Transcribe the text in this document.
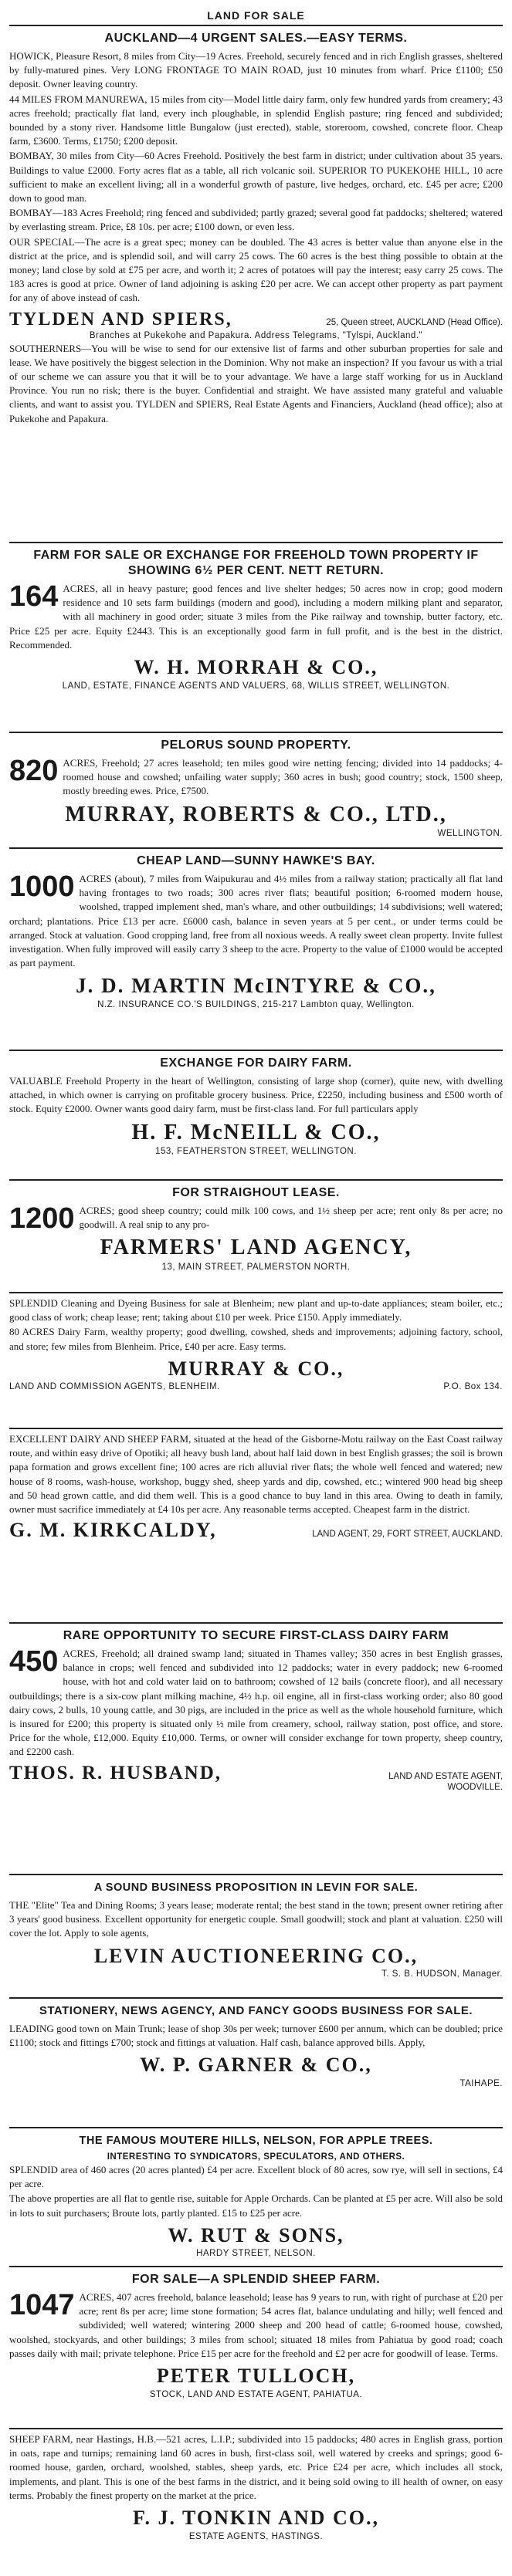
LAND FOR SALE
AUCKLAND—4 URGENT SALES.—EASY TERMS.

HOWICK, Pleasure Resort, 8 miles from City—19 Acres. Freehold, securely fenced and in rich English grasses, sheltered by fully-matured pines. Very LONG FRONTAGE TO MAIN ROAD, just 10 minutes from wharf. Price £1100; £50 deposit. Owner leaving country.

44 MILES FROM MANUREWA, 15 miles from city—Model little dairy farm, only few hundred yards from creamery; 43 acres freehold; practically flat land, every inch ploughable, in splendid English pasture; ring fenced and subdivided; bounded by a stony river. Handsome little Bungalow (just erected), stable, storeroom, cowshed, concrete floor. Cheap farm, £3600. Terms, £1750; £200 deposit.

BOMBAY, 30 miles from City—60 Acres Freehold. Positively the best farm in district; under cultivation about 35 years. Buildings to value £2000. Forty acres flat as a table, all rich volcanic soil. SUPERIOR TO PUKEKOHE HILL, 10 acre sufficient to make an excellent living; all in a wonderful growth of pasture, live hedges, orchard, etc. £45 per acre; £200 down to good man.

BOMBAY—183 Acres Freehold; ring fenced and subdivided; partly grazed; several good fat paddocks; sheltered; watered by everlasting stream. Price, £8 10s. per acre; £100 down, or even less.

OUR SPECIAL—The acre is a great spec; money can be doubled. The 43 acres is better value than anyone else in the district at the price, and is splendid soil, and will carry 25 cows. The 60 acres is the best thing possible to obtain at the money; land close by sold at £75 per acre, and worth it; 2 acres of potatoes will pay the interest; easy carry 25 cows. The 183 acres is good at price. Owner of land adjoining is asking £20 per acre. We can accept other property as part payment for any of above instead of cash.

TYLDEN AND SPIERS,	25, Queen street, AUCKLAND (Head Office).
Branches at Pukekohe and Papakura. Address Telegrams, "Tylspi, Auckland."

SOUTHERNERS—You will be wise to send for our extensive list of farms and other suburban properties for sale and lease. We have positively the biggest selection in the Dominion. Why not make an inspection? If you favour us with a trial of our scheme we can assure you that it will be to your advantage. We have a large staff working for us in Auckland Province. You run no risk; there is the buyer. Confidential and straight. We have assisted many grateful and valuable clients, and want to assist you. TYLDEN and SPIERS, Real Estate Agents and Financiers, Auckland (head office); also at Pukekohe and Papakura.

FARM FOR SALE OR EXCHANGE FOR FREEHOLD TOWN PROPERTY IF SHOWING 6½ PER CENT. NETT RETURN.

164 ACRES, all in heavy pasture; good fences and live shelter hedges; 50 acres now in crop; good modern residence and 10 sets farm buildings (modern and good), including a modern milking plant and separator, with all machinery in good order; situate 3 miles from the Pike railway and township, butter factory, etc. Price £25 per acre. Equity £2443. This is an exceptionally good farm in full profit, and is the best in the district. Recommended.

W. H. MORRAH & CO.,
LAND, ESTATE, FINANCE AGENTS AND VALUERS, 68, WILLIS STREET, WELLINGTON.
PELORUS SOUND PROPERTY.

820 ACRES, Freehold; 27 acres leasehold; ten miles good wire netting fencing; divided into 14 paddocks; 4-roomed house and cowshed; unfailing water supply; 360 acres in bush; good country; stock, 1500 sheep, mostly breeding ewes. Price, £7500.

MURRAY, ROBERTS & CO., LTD.,
WELLINGTON.
CHEAP LAND—SUNNY HAWKE'S BAY.

1000 ACRES (about), 7 miles from Waipukurau and 4½ miles from a railway station; practically all flat land having frontages to two roads; 300 acres river flats; beautiful position; 6-roomed modern house, woolshed, trapped implement shed, man's whare, and other outbuildings; 14 subdivisions; well watered; orchard; plantations. Price £13 per acre. £6000 cash, balance in seven years at 5 per cent., or under terms could be arranged. Stock at valuation. Good cropping land, free from all noxious weeds. A really sweet clean property. Invite fullest investigation. When fully improved will easily carry 3 sheep to the acre. Property to the value of £1000 would be accepted as part payment.

J. D. MARTIN McINTYRE & CO.,
N.Z. INSURANCE CO.'S BUILDINGS, 215-217 Lambton quay, Wellington.
EXCHANGE FOR DAIRY FARM.

VALUABLE Freehold Property in the heart of Wellington, consisting of large shop (corner), quite new, with dwelling attached, in which owner is carrying on profitable grocery business. Price, £2250, including business and £500 worth of stock. Equity £2000. Owner wants good dairy farm, must be first-class land. For full particulars apply

H. F. McNEILL & CO.,
153, FEATHERSTON STREET, WELLINGTON.
FOR STRAIGHOUT LEASE.

1200 ACRES; good sheep country; could milk 100 cows, and 1½ sheep per acre; rent only 8s per acre; no goodwill. A real snip to any pro-

FARMERS' LAND AGENCY,
13, MAIN STREET, PALMERSTON NORTH.

SPLENDID Cleaning and Dyeing Business for sale at Blenheim; new plant and up-to-date appliances; steam boiler, etc.; good class of work; cheap lease; rent; taking about £10 per week. Price £150. Apply immediately.

80 ACRES Dairy Farm, wealthy property; good dwelling, cowshed, sheds and improvements; adjoining factory, school, and store; few miles from Blenheim. Price, £40 per acre. Easy terms.

MURRAY & CO.,
LAND AND COMMISSION AGENTS, BLENHEIM.	P.O. Box 134.

EXCELLENT DAIRY AND SHEEP FARM, situated at the head of the Gisborne-Motu railway on the East Coast railway route, and within easy drive of Opotiki; all heavy bush land, about half laid down in best English grasses; the soil is brown papa formation and grows excellent fine; 100 acres are rich alluvial river flats; the whole well fenced and watered; new house of 8 rooms, wash-house, workshop, buggy shed, sheep yards and dip, cowshed, etc.; wintered 900 head big sheep and 50 head grown cattle, and did them well. This is a good chance to buy land in this area. Owing to death in family, owner must sacrifice immediately at £4 10s per acre. Any reasonable terms accepted. Cheapest farm in the district.

G. M. KIRKCALDY,	LAND AGENT, 29, FORT STREET, AUCKLAND.
RARE OPPORTUNITY TO SECURE FIRST-CLASS DAIRY FARM

450 ACRES, Freehold; all drained swamp land; situated in Thames valley; 350 acres in best English grasses, balance in crops; well fenced and subdivided into 12 paddocks; water in every paddock; new 6-roomed house, with hot and cold water laid on to bathroom; cowshed of 12 bails (concrete floor), and all necessary outbuildings; there is a six-cow plant milking machine, 4½ h.p. oil engine, all in first-class working order; also 80 good dairy cows, 2 bulls, 10 young cattle, and 30 pigs, are included in the price as well as the whole household furniture, which is insured for £200; this property is situated only ½ mile from creamery, school, railway station, post office, and store. Price for the whole, £12,000. Equity £10,000. Terms, or owner will consider exchange for town property, sheep country, and £2200 cash.

THOS. R. HUSBAND,	LAND AND ESTATE AGENT, WOODVILLE.
A SOUND BUSINESS PROPOSITION IN LEVIN FOR SALE.

THE "Elite" Tea and Dining Rooms; 3 years lease; moderate rental; the best stand in the town; present owner retiring after 3 years' good business. Excellent opportunity for energetic couple. Small goodwill; stock and plant at valuation. £250 will cover the lot. Apply to sole agents,

LEVIN AUCTIONEERING CO.,
T. S. B. HUDSON, Manager.
STATIONERY, NEWS AGENCY, AND FANCY GOODS BUSINESS FOR SALE.

LEADING good town on Main Trunk; lease of shop 30s per week; turnover £600 per annum, which can be doubled; price £1100; stock and fittings £700; stock and fittings at valuation. Half cash, balance approved bills. Apply,

W. P. GARNER & CO.,
TAIHAPE.
THE FAMOUS MOUTERE HILLS, NELSON, FOR APPLE TREES.
INTERESTING TO SYNDICATORS, SPECULATORS, AND OTHERS.

SPLENDID area of 460 acres (20 acres planted) £4 per acre. Excellent block of 80 acres, sow rye, will sell in sections, £4 per acre.

The above properties are all flat to gentle rise, suitable for Apple Orchards. Can be planted at £5 per acre. Will also be sold in lots to suit purchasers; Broute lots, partly planted. £15 to £25 per acre.

W. RUT & SONS,
HARDY STREET, NELSON.
FOR SALE—A SPLENDID SHEEP FARM.

1047 ACRES, 407 acres freehold, balance leasehold; lease has 9 years to run, with right of purchase at £20 per acre; rent 8s per acre; lime stone formation; 54 acres flat, balance undulating and hilly; well fenced and subdivided; well watered; wintering 2000 sheep and 200 head of cattle; 6-roomed house, cowshed, woolshed, stockyards, and other buildings; 3 miles from school; situated 18 miles from Pahiatua by good road; coach passes daily with mail; private telephone. Price £15 per acre for the freehold and £2 per acre for goodwill of lease. Terms.

PETER TULLOCH,
STOCK, LAND AND ESTATE AGENT, PAHIATUA.

SHEEP FARM, near Hastings, H.B.—521 acres, L.I.P.; subdivided into 15 paddocks; 480 acres in English grass, portion in oats, rape and turnips; remaining land 60 acres in bush, first-class soil, well watered by creeks and springs; good 6-roomed house, garden, orchard, woolshed, stables, sheep yards, etc. Price £24 per acre, which includes all stock, implements, and plant. This is one of the best farms in the district, and it being sold owing to ill health of owner, on easy terms. Probably the finest property on the market at the price.

F. J. TONKIN AND CO.,
ESTATE AGENTS, HASTINGS.
